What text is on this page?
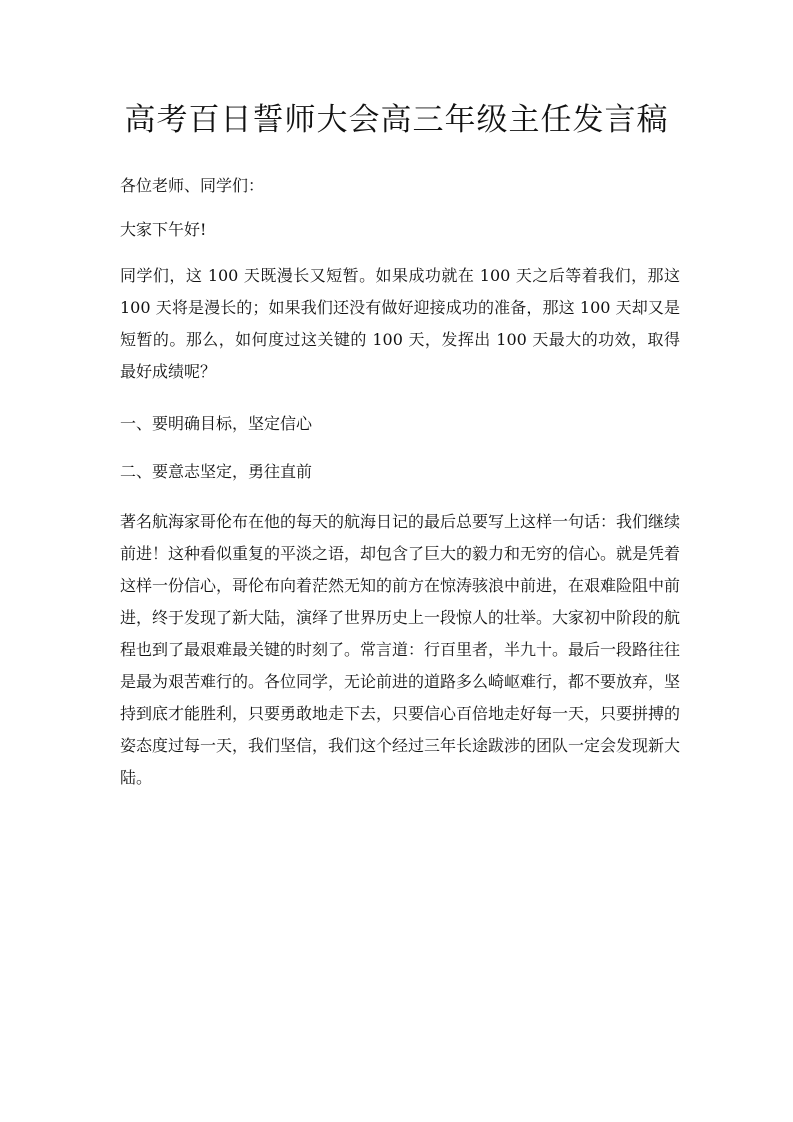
高考百日誓师大会高三年级主任发言稿

各位老师、同学们：

大家下午好!

同学们，这 100 天既漫长又短暂。如果成功就在 100 天之后等着我们，那这 100 天将是漫长的；如果我们还没有做好迎接成功的准备，那这 100 天却又是短暂的。那么，如何度过这关键的 100 天，发挥出 100 天最大的功效，取得最好成绩呢？

一、要明确目标，坚定信心

二、要意志坚定，勇往直前

著名航海家哥伦布在他的每天的航海日记的最后总要写上这样一句话：我们继续前进！这种看似重复的平淡之语，却包含了巨大的毅力和无穷的信心。就是凭着这样一份信心，哥伦布向着茫然无知的前方在惊涛骇浪中前进，在艰难险阻中前进，终于发现了新大陆，演绎了世界历史上一段惊人的壮举。大家初中阶段的航程也到了最艰难最关键的时刻了。常言道：行百里者，半九十。最后一段路往往是最为艰苦难行的。各位同学，无论前进的道路多么崎岖难行，都不要放弃，坚持到底才能胜利，只要勇敢地走下去，只要信心百倍地走好每一天，只要拼搏的姿态度过每一天，我们坚信，我们这个经过三年长途跋涉的团队一定会发现新大陆。
